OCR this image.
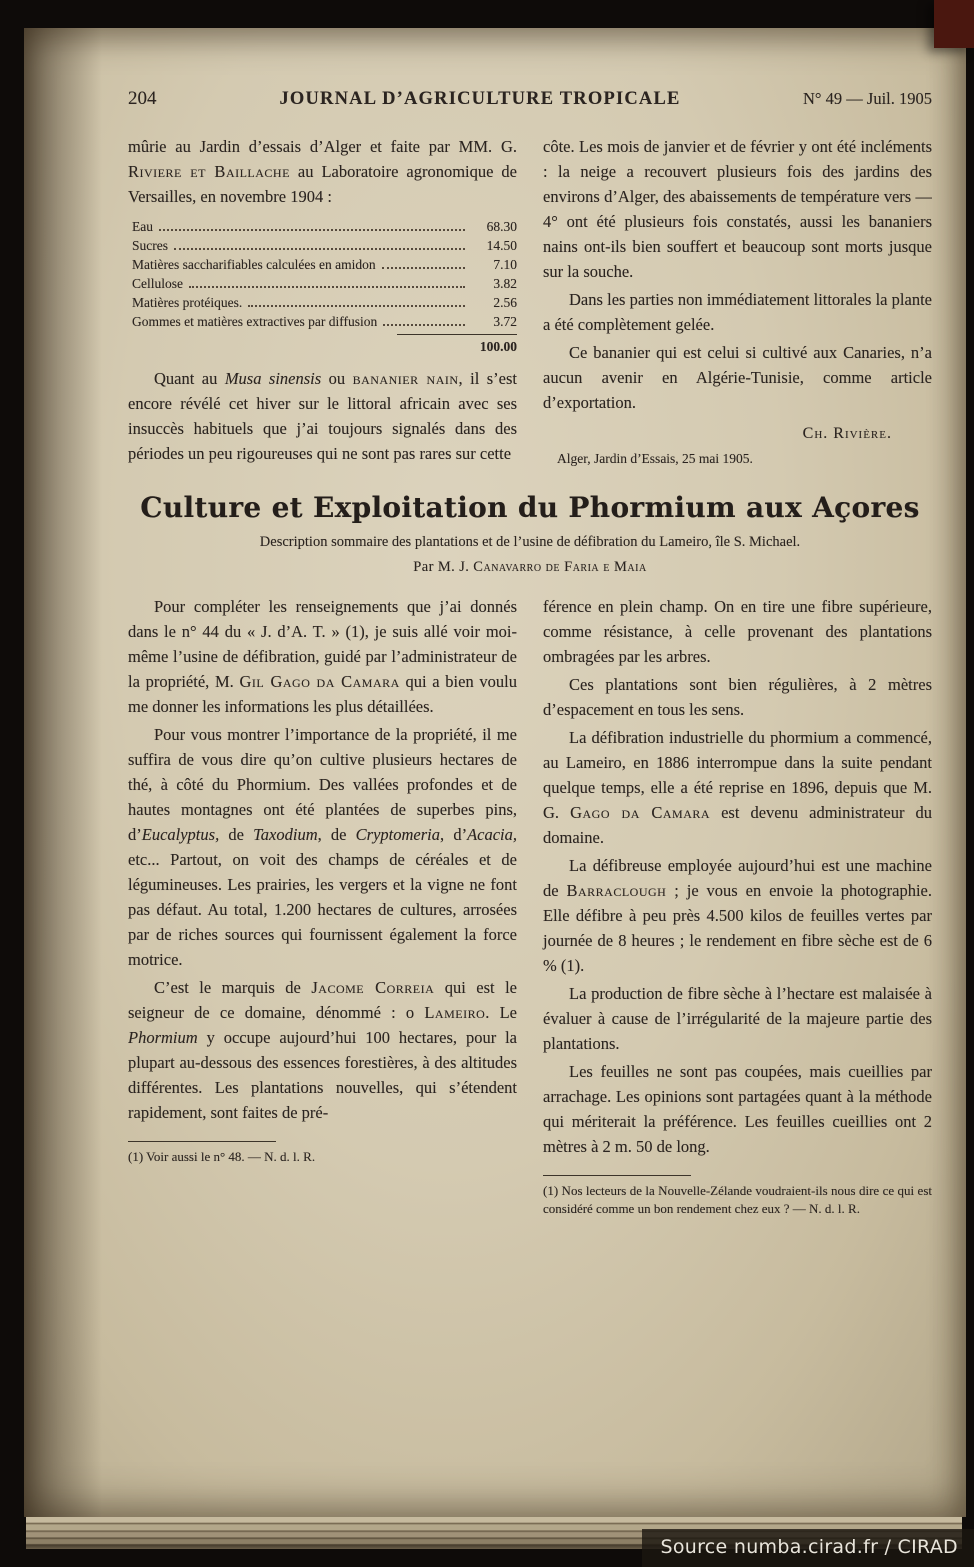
204	JOURNAL D’AGRICULTURE TROPICALE	N° 49 — Juil. 1905

mûrie au Jardin d’essais d’Alger et faite par MM. G. Riviere et Baillache au Laboratoire agronomique de Versailles, en novembre 1904 :

Eau	68.30
Sucres	14.50
Matières saccharifiables calculées en amidon	7.10
Cellulose	3.82
Matières protéiques.	2.56
Gommes et matières extractives par diffusion	3.72
100.00

Quant au Musa sinensis ou bananier nain, il s’est encore révélé cet hiver sur le littoral africain avec ses insuccès habituels que j’ai toujours signalés dans des périodes un peu rigoureuses qui ne sont pas rares sur cette

côte. Les mois de janvier et de février y ont été incléments : la neige a recouvert plusieurs fois des jardins des environs d’Alger, des abaissements de température vers — 4° ont été plusieurs fois constatés, aussi les bananiers nains ont-ils bien souffert et beaucoup sont morts jusque sur la souche.

Dans les parties non immédiatement littorales la plante a été complètement gelée.

Ce bananier qui est celui si cultivé aux Canaries, n’a aucun avenir en Algérie-Tunisie, comme article d’exportation.

Ch. Rivière.
Alger, Jardin d’Essais, 25 mai 1905.
Culture et Exploitation du Phormium aux Açores

Description sommaire des plantations et de l’usine de défibration du Lameiro, île S. Michael.

Par M. J. Canavarro de Faria e Maia

Pour compléter les renseignements que j’ai donnés dans le n° 44 du « J. d’A. T. » (1), je suis allé voir moi-même l’usine de défibration, guidé par l’administrateur de la propriété, M. Gil Gago da Camara qui a bien voulu me donner les informations les plus détaillées.

Pour vous montrer l’importance de la propriété, il me suffira de vous dire qu’on cultive plusieurs hectares de thé, à côté du Phormium. Des vallées profondes et de hautes montagnes ont été plantées de superbes pins, d’Eucalyptus, de Taxodium, de Cryptomeria, d’Acacia, etc... Partout, on voit des champs de céréales et de légumineuses. Les prairies, les vergers et la vigne ne font pas défaut. Au total, 1.200 hectares de cultures, arrosées par de riches sources qui fournissent également la force motrice.

C’est le marquis de Jacome Correia qui est le seigneur de ce domaine, dénommé : o Lameiro. Le Phormium y occupe aujourd’hui 100 hectares, pour la plupart au-dessous des essences forestières, à des altitudes différentes. Les plantations nouvelles, qui s’étendent rapidement, sont faites de pré-

(1) Voir aussi le n° 48. — N. d. l. R.

férence en plein champ. On en tire une fibre supérieure, comme résistance, à celle provenant des plantations ombragées par les arbres.

Ces plantations sont bien régulières, à 2 mètres d’espacement en tous les sens.

La défibration industrielle du phormium a commencé, au Lameiro, en 1886 interrompue dans la suite pendant quelque temps, elle a été reprise en 1896, depuis que M. G. Gago da Camara est devenu administrateur du domaine.

La défibreuse employée aujourd’hui est une machine de Barraclough ; je vous en envoie la photographie. Elle défibre à peu près 4.500 kilos de feuilles vertes par journée de 8 heures ; le rendement en fibre sèche est de 6 % (1).

La production de fibre sèche à l’hectare est malaisée à évaluer à cause de l’irrégularité de la majeure partie des plantations.

Les feuilles ne sont pas coupées, mais cueillies par arrachage. Les opinions sont partagées quant à la méthode qui mériterait la préférence. Les feuilles cueillies ont 2 mètres à 2 m. 50 de long.

(1) Nos lecteurs de la Nouvelle-Zélande voudraient-ils nous dire ce qui est considéré comme un bon rendement chez eux ? — N. d. l. R.
Source numba.cirad.fr / CIRAD
